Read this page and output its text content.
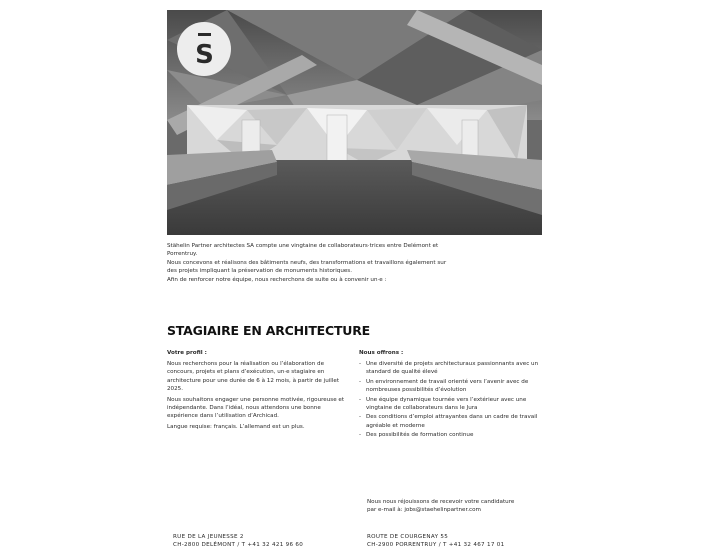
S

Stähelin Partner architectes SA compte une vingtaine de collaborateurs·trices entre Delémont et Porrentruy.

Nous concevons et réalisons des bâtiments neufs, des transformations et travaillons également sur

des projets impliquant la préservation de monuments historiques.

Afin de renforcer notre équipe, nous recherchons de suite ou à convenir un·e :
STAGIAIRE EN ARCHITECTURE
Votre profil :

Nous recherchons pour la réalisation ou l’élaboration de concours, projets et plans d’exécution, un·e stagiaire en architecture pour une durée de 6 à 12 mois, à partir de juillet 2025.

Nous souhaitons engager une personne motivée, rigoureuse et indépendante. Dans l’idéal, nous attendons une bonne expérience dans l’utilisation d’Archicad.

Langue requise: français. L’allemand est un plus.

Nous offrons :
- Une diversité de projets architecturaux passionnants avec un standard de qualité élevé
- Un environnement de travail orienté vers l’avenir avec de nombreuses possibilités d’évolution
- Une équipe dynamique tournée vers l’extérieur avec une vingtaine de collaborateurs dans le Jura
- Des conditions d’emploi attrayantes dans un cadre de travail agréable et moderne
- Des possibilités de formation continue

Nous nous réjouissons de recevoir votre candidature

par e-mail à: jobs@staehelinpartner.com

RUE DE LA JEUNESSE 2
CH-2800 DELÉMONT / T +41 32 421 96 60
ROUTE DE COURGENAY 55
CH-2900 PORRENTRUY / T +41 32 467 17 01
